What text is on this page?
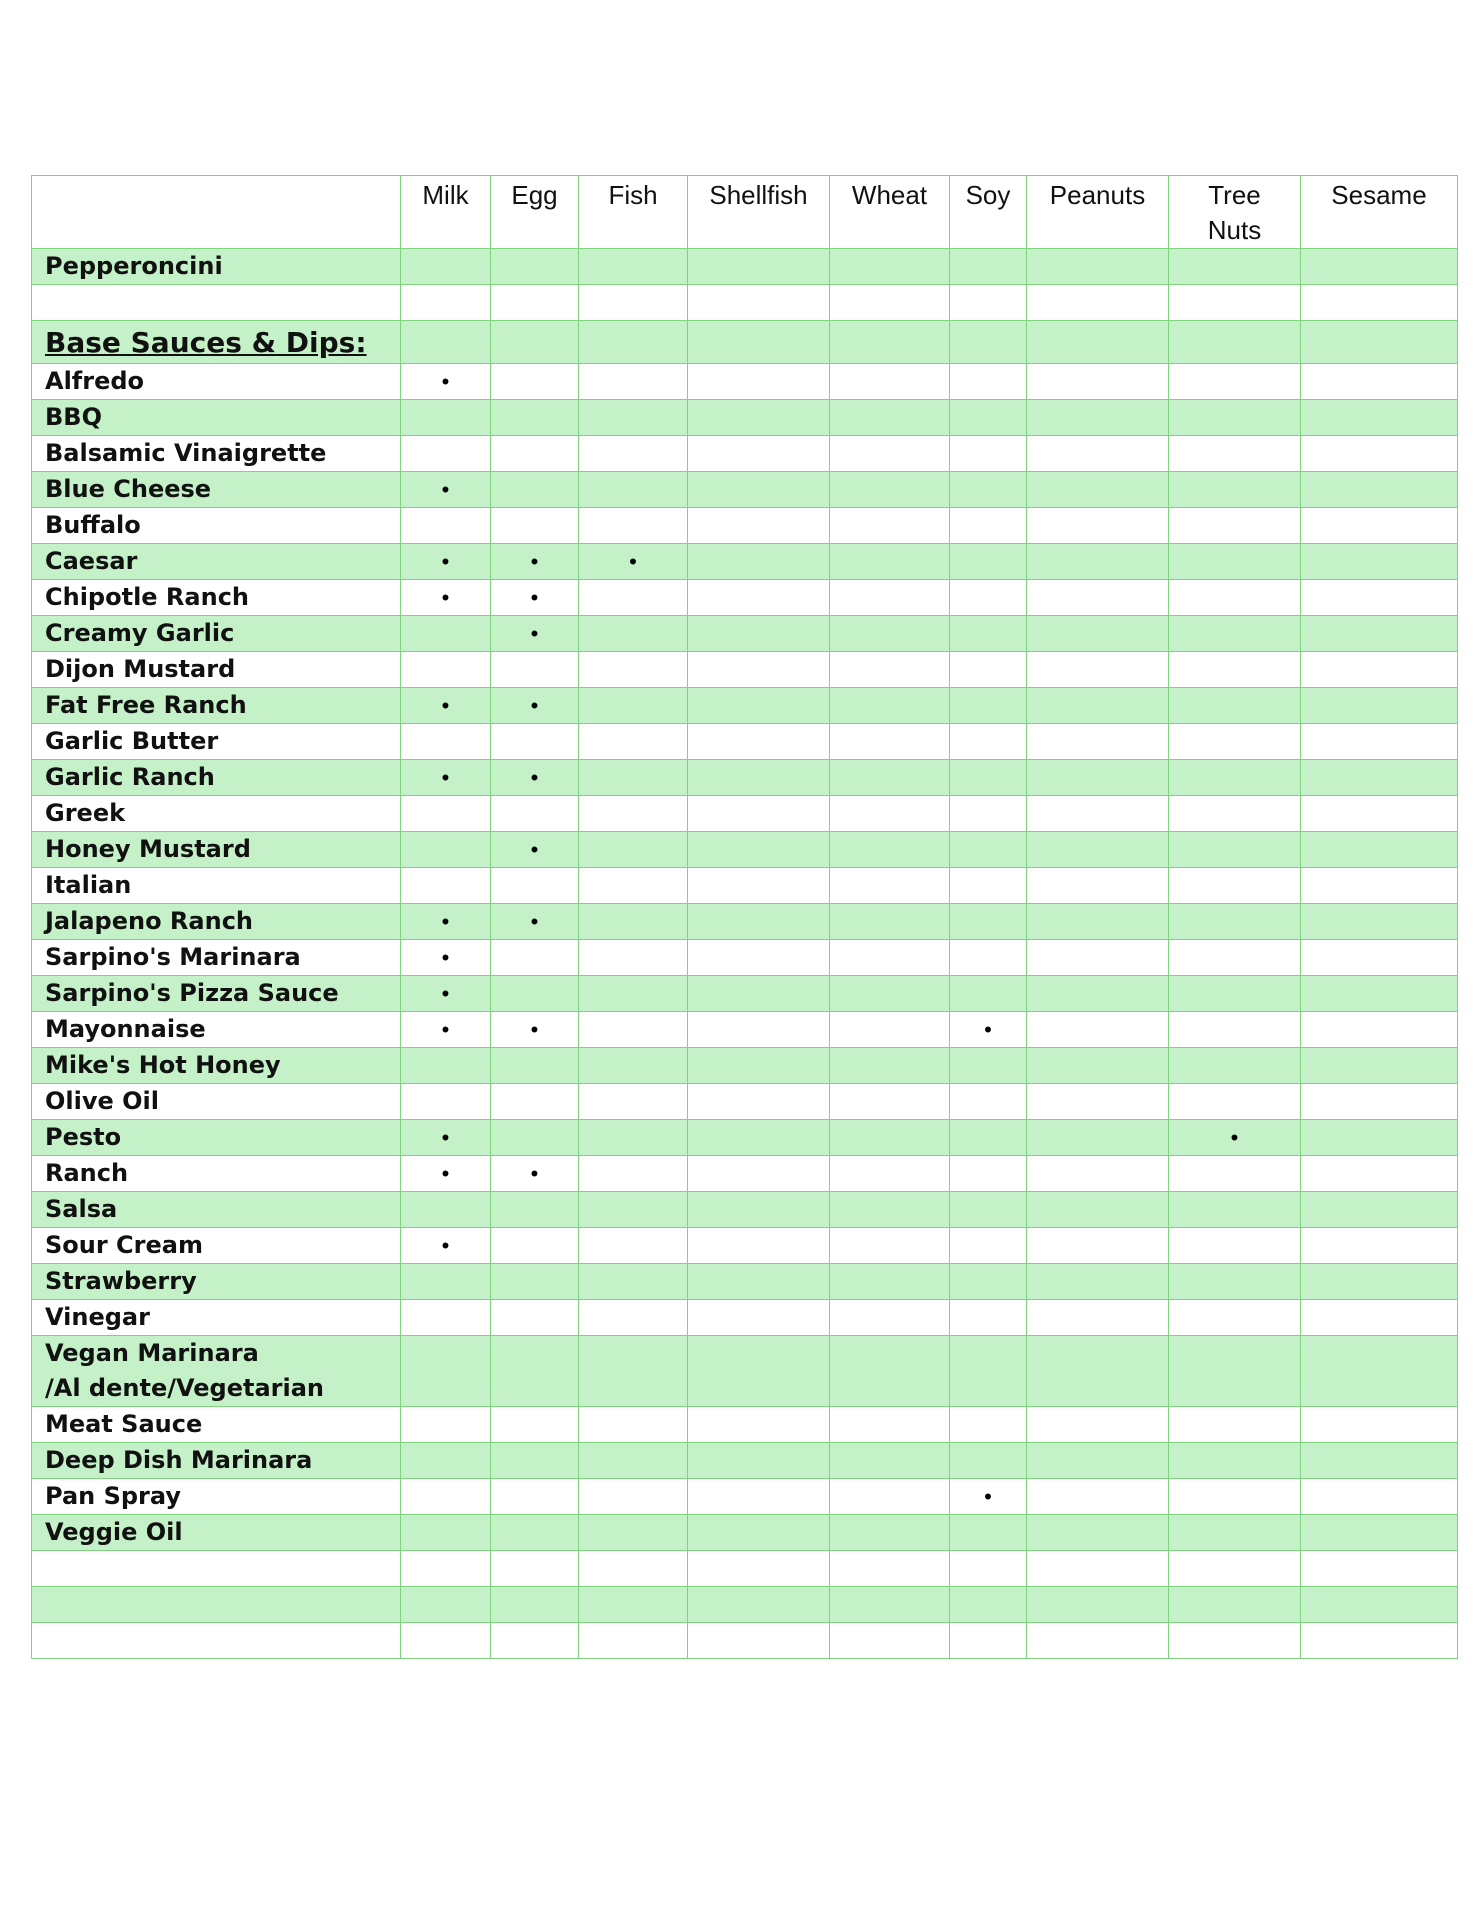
	Milk	Egg	Fish	Shellfish	Wheat	Soy	Peanuts	Tree Nuts	Sesame
Pepperoncini									

Base Sauces & Dips:									
Alfredo	•								
BBQ									
Balsamic Vinaigrette									
Blue Cheese	•								
Buffalo									
Caesar	•	•	•						
Chipotle Ranch	•	•							
Creamy Garlic		•							
Dijon Mustard									
Fat Free Ranch	•	•							
Garlic Butter									
Garlic Ranch	•	•							
Greek									
Honey Mustard		•							
Italian									
Jalapeno Ranch	•	•							
Sarpino's Marinara	•								
Sarpino's Pizza Sauce	•								
Mayonnaise	•	•				•			
Mike's Hot Honey									
Olive Oil									
Pesto	•							•	
Ranch	•	•							
Salsa									
Sour Cream	•								
Strawberry									
Vinegar									
Vegan Marinara
/Al dente/Vegetarian									
Meat Sauce									
Deep Dish Marinara									
Pan Spray						•			
Veggie Oil									
